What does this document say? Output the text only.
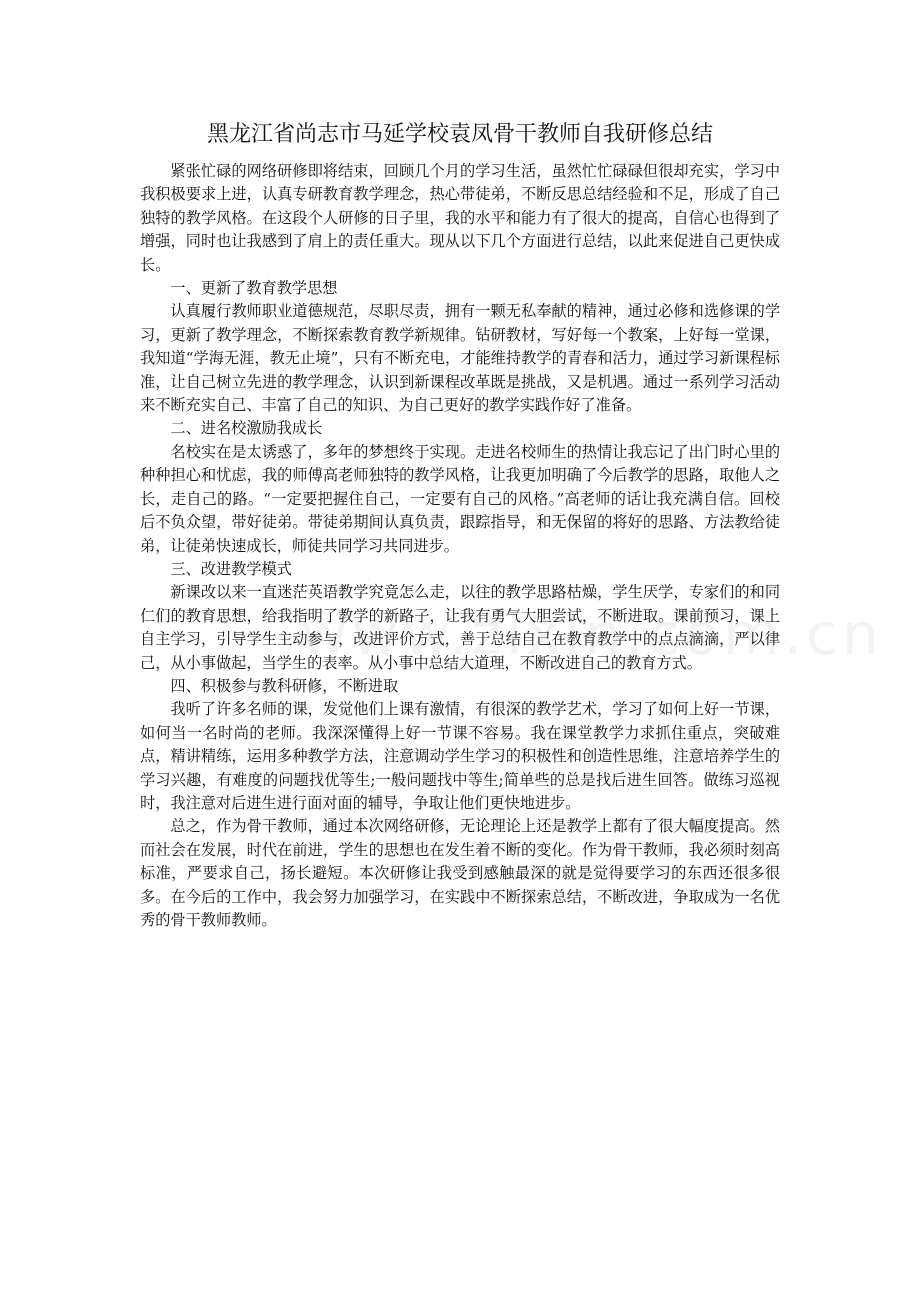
黑龙江省尚志市马延学校袁凤骨干教师自我研修总结

紧张忙碌的网络研修即将结束，回顾几个月的学习生活，虽然忙忙碌碌但很却充实，学习中我积极要求上进，认真专研教育教学理念，热心带徒弟，不断反思总结经验和不足，形成了自己独特的教学风格。在这段个人研修的日子里，我的水平和能力有了很大的提高，自信心也得到了增强，同时也让我感到了肩上的责任重大。现从以下几个方面进行总结，以此来促进自己更快成长。

一、更新了教育教学思想

认真履行教师职业道德规范，尽职尽责，拥有一颗无私奉献的精神，通过必修和选修课的学习，更新了教学理念，不断探索教育教学新规律。钻研教材，写好每一个教案，上好每一堂课，我知道“学海无涯，教无止境”，只有不断充电，才能维持教学的青春和活力，通过学习新课程标准，让自己树立先进的教学理念，认识到新课程改革既是挑战，又是机遇。通过一系列学习活动来不断充实自己、丰富了自己的知识、为自己更好的教学实践作好了准备。

二、进名校激励我成长

名校实在是太诱惑了，多年的梦想终于实现。走进名校师生的热情让我忘记了出门时心里的种种担心和忧虑，我的师傅高老师独特的教学风格，让我更加明确了今后教学的思路，取他人之长，走自己的路。“一定要把握住自己，一定要有自己的风格。”高老师的话让我充满自信。回校后不负众望，带好徒弟。带徒弟期间认真负责，跟踪指导，和无保留的将好的思路、方法教给徒弟，让徒弟快速成长，师徒共同学习共同进步。

三、改进教学模式

新课改以来一直迷茫英语教学究竟怎么走，以往的教学思路枯燥，学生厌学，专家们的和同仁们的教育思想，给我指明了教学的新路子，让我有勇气大胆尝试，不断进取。课前预习，课上自主学习，引导学生主动参与，改进评价方式，善于总结自己在教育教学中的点点滴滴，严以律己，从小事做起，当学生的表率。从小事中总结大道理，不断改进自己的教育方式。

四、积极参与教科研修，不断进取

我听了许多名师的课，发觉他们上课有激情，有很深的教学艺术，学习了如何上好一节课，如何当一名时尚的老师。我深深懂得上好一节课不容易。我在课堂教学力求抓住重点，突破难点，精讲精练，运用多种教学方法，注意调动学生学习的积极性和创造性思维，注意培养学生的学习兴趣，有难度的问题找优等生;一般问题找中等生;简单些的总是找后进生回答。做练习巡视时，我注意对后进生进行面对面的辅导，争取让他们更快地进步。

总之，作为骨干教师，通过本次网络研修，无论理论上还是教学上都有了很大幅度提高。然而社会在发展，时代在前进，学生的思想也在发生着不断的变化。作为骨干教师，我必须时刻高标准，严要求自己，扬长避短。本次研修让我受到感触最深的就是觉得要学习的东西还很多很多。在今后的工作中，我会努力加强学习，在实践中不断探索总结，不断改进，争取成为一名优秀的骨干教师教师。
